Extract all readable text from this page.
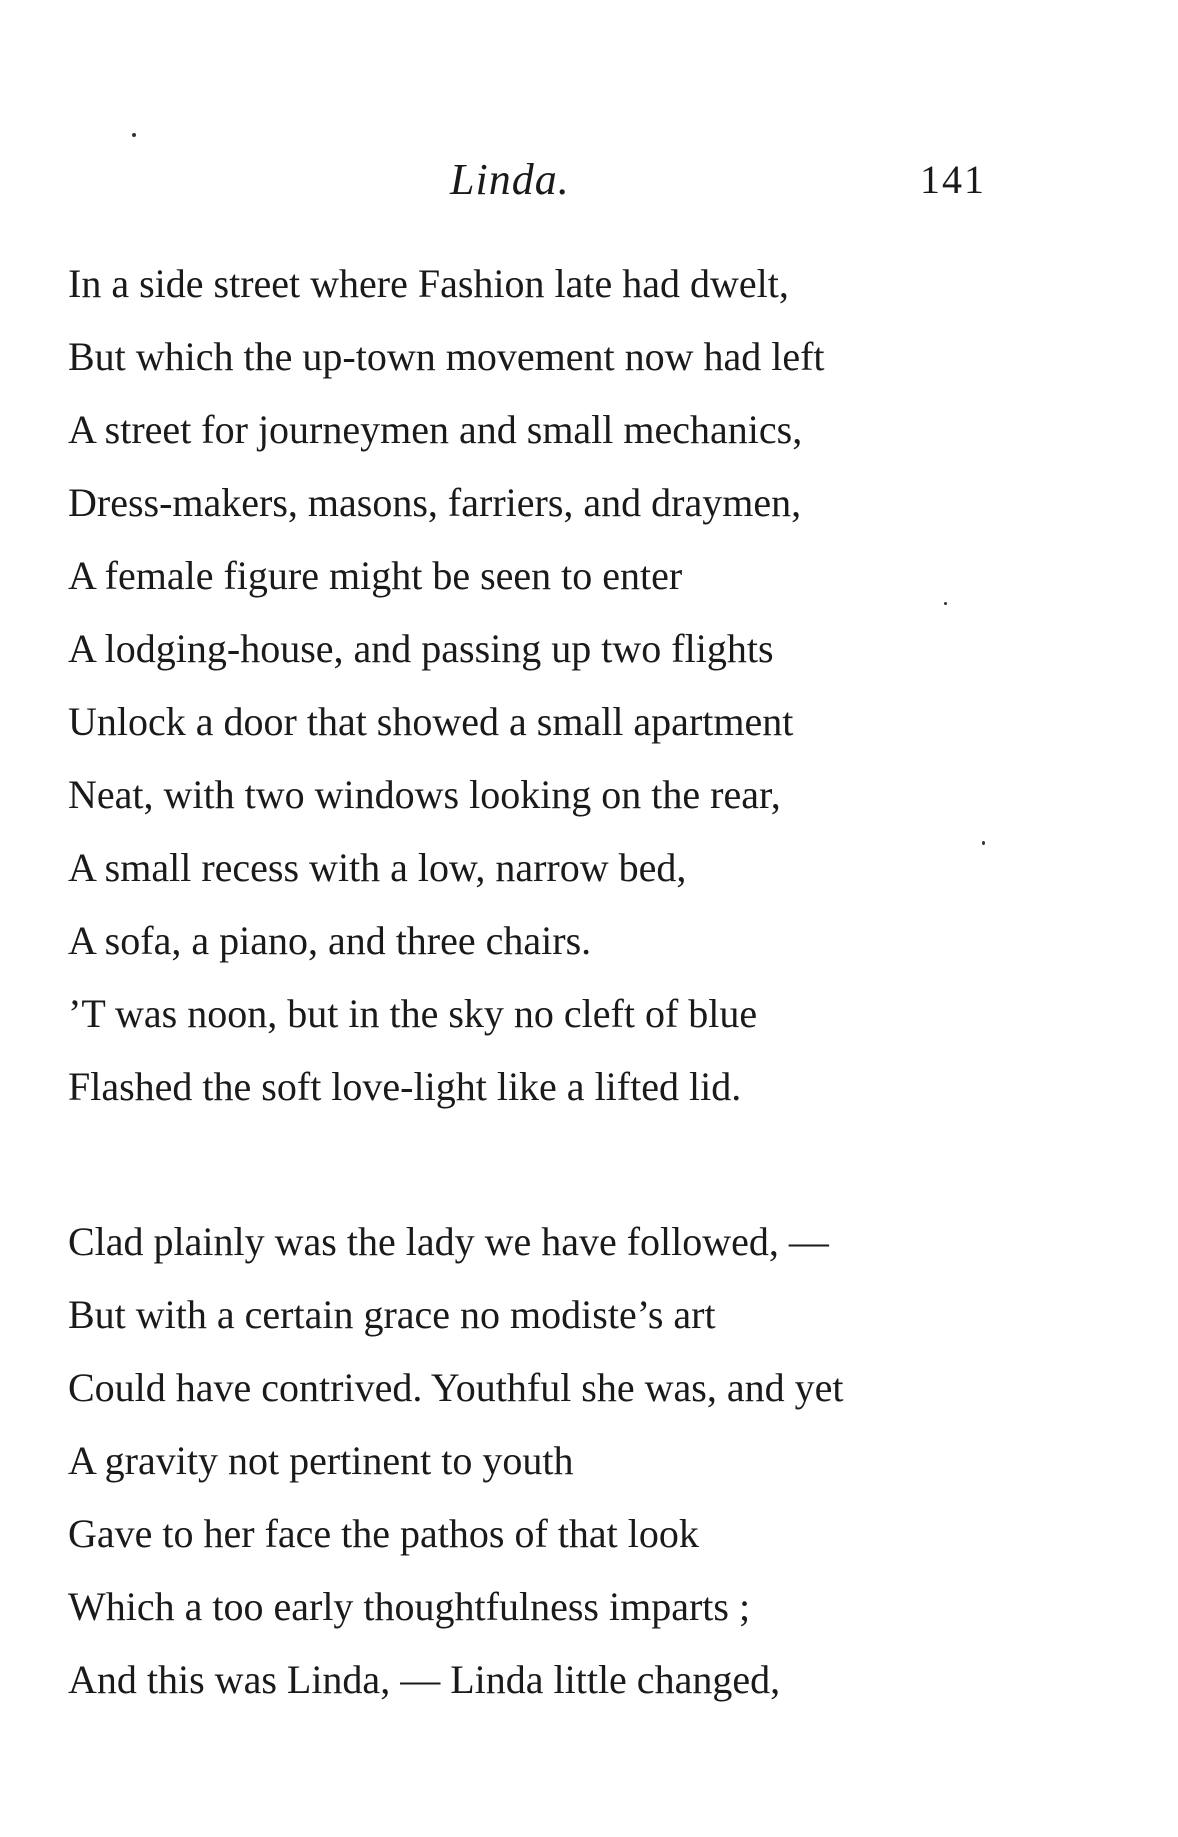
Linda.	141
In a side street where Fashion late had dwelt,
But which the up-town movement now had left
A street for journeymen and small mechanics,
Dress-makers, masons, farriers, and draymen,
A female figure might be seen to enter
A lodging-house, and passing up two flights
Unlock a door that showed a small apartment
Neat, with two windows looking on the rear,
A small recess with a low, narrow bed,
A sofa, a piano, and three chairs.
’T was noon, but in the sky no cleft of blue
Flashed the soft love-light like a lifted lid.
Clad plainly was the lady we have followed, —
But with a certain grace no modiste’s art
Could have contrived. Youthful she was, and yet
A gravity not pertinent to youth
Gave to her face the pathos of that look
Which a too early thoughtfulness imparts ;
And this was Linda, — Linda little changed,
